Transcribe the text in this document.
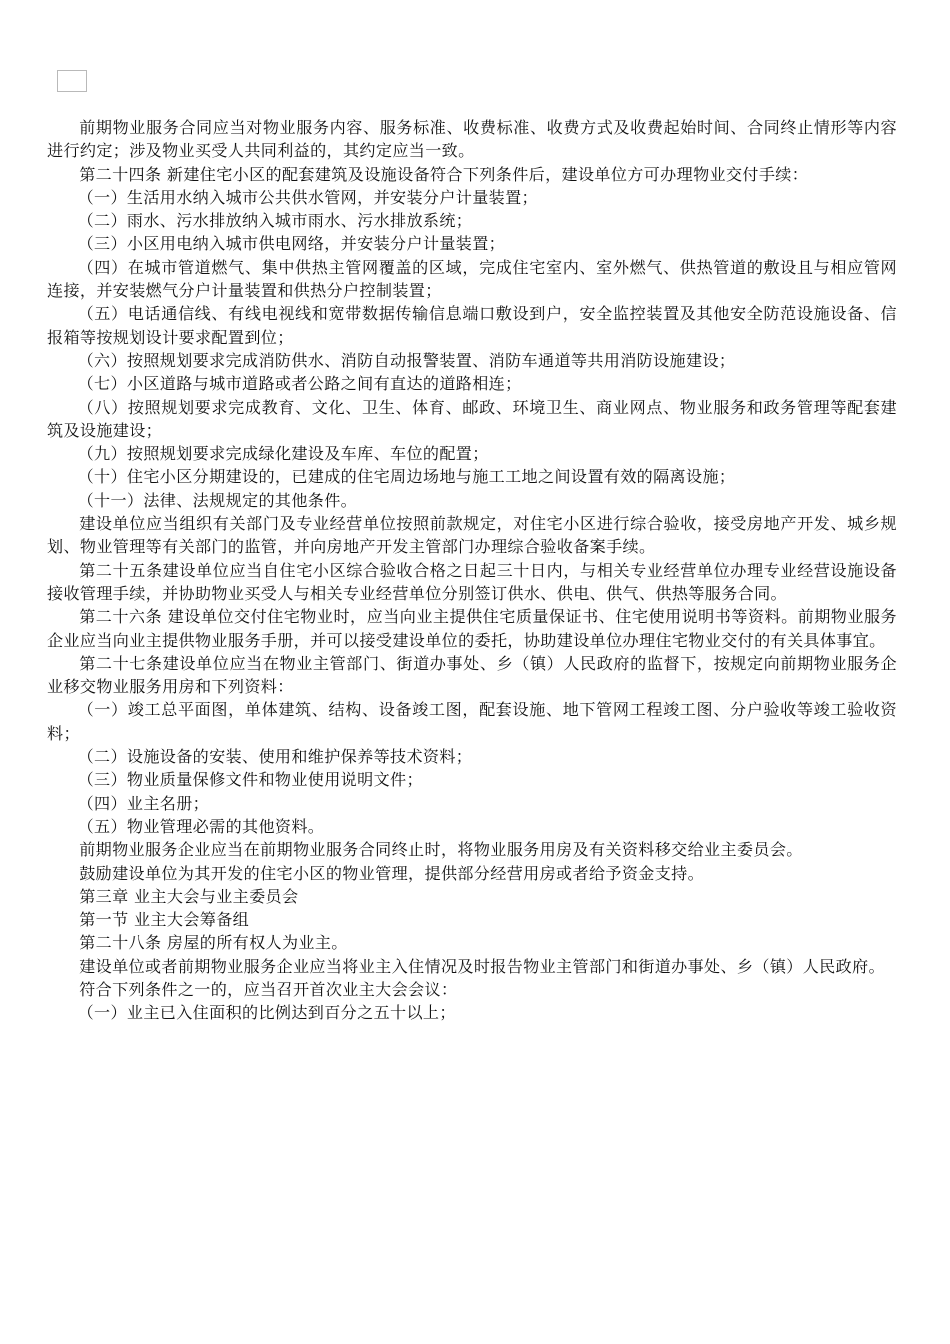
前期物业服务合同应当对物业服务内容、服务标准、收费标准、收费方式及收费起始时间、合同终止情形等内容进行约定；涉及物业买受人共同利益的，其约定应当一致。

第二十四条 新建住宅小区的配套建筑及设施设备符合下列条件后，建设单位方可办理物业交付手续：

（一）生活用水纳入城市公共供水管网，并安装分户计量装置；

（二）雨水、污水排放纳入城市雨水、污水排放系统；

（三）小区用电纳入城市供电网络，并安装分户计量装置；

（四）在城市管道燃气、集中供热主管网覆盖的区域，完成住宅室内、室外燃气、供热管道的敷设且与相应管网连接，并安装燃气分户计量装置和供热分户控制装置；

（五）电话通信线、有线电视线和宽带数据传输信息端口敷设到户，安全监控装置及其他安全防范设施设备、信报箱等按规划设计要求配置到位；

（六）按照规划要求完成消防供水、消防自动报警装置、消防车通道等共用消防设施建设；

（七）小区道路与城市道路或者公路之间有直达的道路相连；

（八）按照规划要求完成教育、文化、卫生、体育、邮政、环境卫生、商业网点、物业服务和政务管理等配套建筑及设施建设；

（九）按照规划要求完成绿化建设及车库、车位的配置；

（十）住宅小区分期建设的，已建成的住宅周边场地与施工工地之间设置有效的隔离设施；

（十一）法律、法规规定的其他条件。

建设单位应当组织有关部门及专业经营单位按照前款规定，对住宅小区进行综合验收，接受房地产开发、城乡规划、物业管理等有关部门的监管，并向房地产开发主管部门办理综合验收备案手续。

第二十五条建设单位应当自住宅小区综合验收合格之日起三十日内，与相关专业经营单位办理专业经营设施设备接收管理手续，并协助物业买受人与相关专业经营单位分别签订供水、供电、供气、供热等服务合同。

第二十六条 建设单位交付住宅物业时，应当向业主提供住宅质量保证书、住宅使用说明书等资料。前期物业服务企业应当向业主提供物业服务手册，并可以接受建设单位的委托，协助建设单位办理住宅物业交付的有关具体事宜。

第二十七条建设单位应当在物业主管部门、街道办事处、乡（镇）人民政府的监督下，按规定向前期物业服务企业移交物业服务用房和下列资料：

（一）竣工总平面图，单体建筑、结构、设备竣工图，配套设施、地下管网工程竣工图、分户验收等竣工验收资料；

（二）设施设备的安装、使用和维护保养等技术资料；

（三）物业质量保修文件和物业使用说明文件；

（四）业主名册；

（五）物业管理必需的其他资料。

前期物业服务企业应当在前期物业服务合同终止时，将物业服务用房及有关资料移交给业主委员会。

鼓励建设单位为其开发的住宅小区的物业管理，提供部分经营用房或者给予资金支持。

第三章 业主大会与业主委员会

第一节 业主大会筹备组

第二十八条 房屋的所有权人为业主。

建设单位或者前期物业服务企业应当将业主入住情况及时报告物业主管部门和街道办事处、乡（镇）人民政府。

符合下列条件之一的，应当召开首次业主大会会议：

（一）业主已入住面积的比例达到百分之五十以上；
